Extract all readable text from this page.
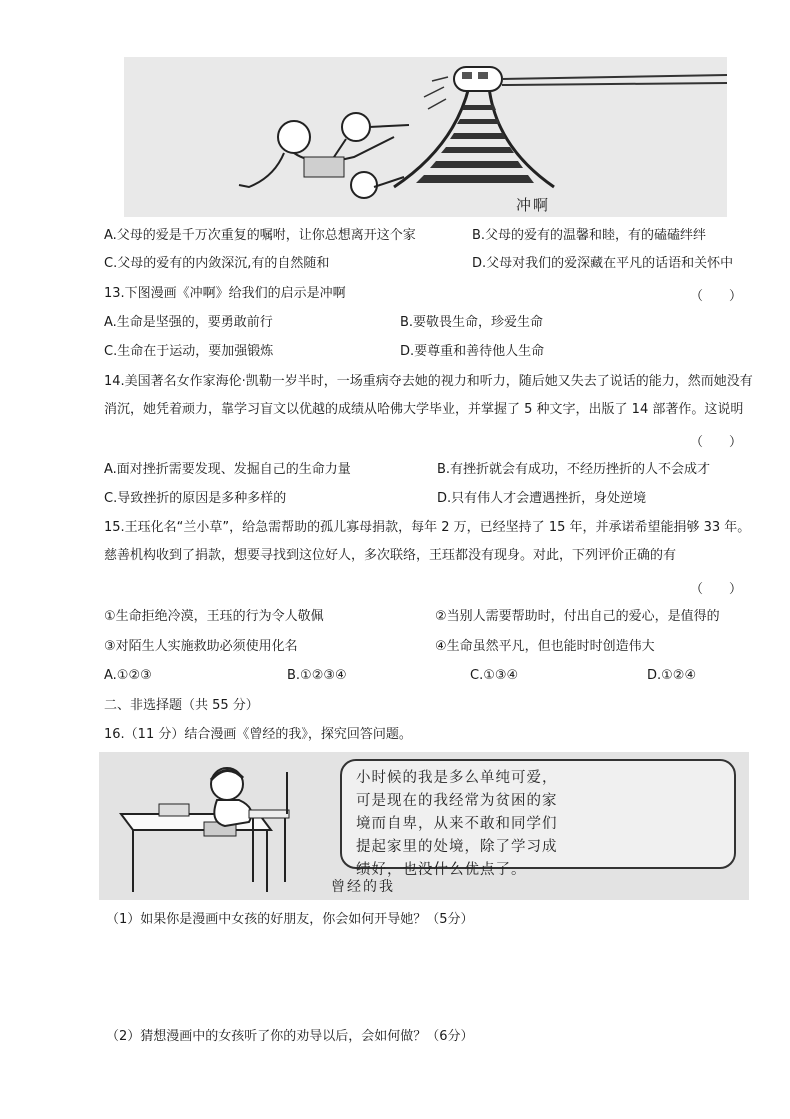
冲啊
A.父母的爱是千万次重复的嘱咐，让你总想离开这个家	B.父母的爱有的温馨和睦，有的磕磕绊绊
C.父母的爱有的内敛深沉,有的自然随和	D.父母对我们的爱深藏在平凡的话语和关怀中
13.下图漫画《冲啊》给我们的启示是冲啊	（　　）
A.生命是坚强的，要勇敢前行	B.要敬畏生命，珍爱生命
C.生命在于运动，要加强锻炼	D.要尊重和善待他人生命
14.美国著名女作家海伦·凯勒一岁半时，一场重病夺去她的视力和听力，随后她又失去了说话的能力，然而她没有消沉，她凭着顽力，靠学习盲文以优越的成绩从哈佛大学毕业，并掌握了 5 种文字，出版了 14 部著作。这说明
（　　）
A.面对挫折需要发现、发掘自己的生命力量	B.有挫折就会有成功，不经历挫折的人不会成才
C.导致挫折的原因是多种多样的	D.只有伟人才会遭遇挫折，身处逆境
15.王珏化名“兰小草”，给急需帮助的孤儿寡母捐款，每年 2 万，已经坚持了 15 年，并承诺希望能捐够 33 年。慈善机构收到了捐款，想要寻找到这位好人，多次联络，王珏都没有现身。对此，下列评价正确的有
（　　）
①生命拒绝冷漠，王珏的行为令人敬佩	②当别人需要帮助时，付出自己的爱心，是值得的
③对陌生人实施救助必须使用化名	④生命虽然平凡，但也能时时创造伟大
A.①②③	B.①②③④	C.①③④	D.①②④
二、非选择题（共 55 分）
16.（11 分）结合漫画《曾经的我》，探究回答问题。
小时候的我是多么单纯可爱，
可是现在的我经常为贫困的家
境而自卑，从来不敢和同学们
提起家里的处境，除了学习成
绩好，也没什么优点了。
曾经的我
（1）如果你是漫画中女孩的好朋友，你会如何开导她？（5分）
（2）猜想漫画中的女孩听了你的劝导以后，会如何做？（6分）
